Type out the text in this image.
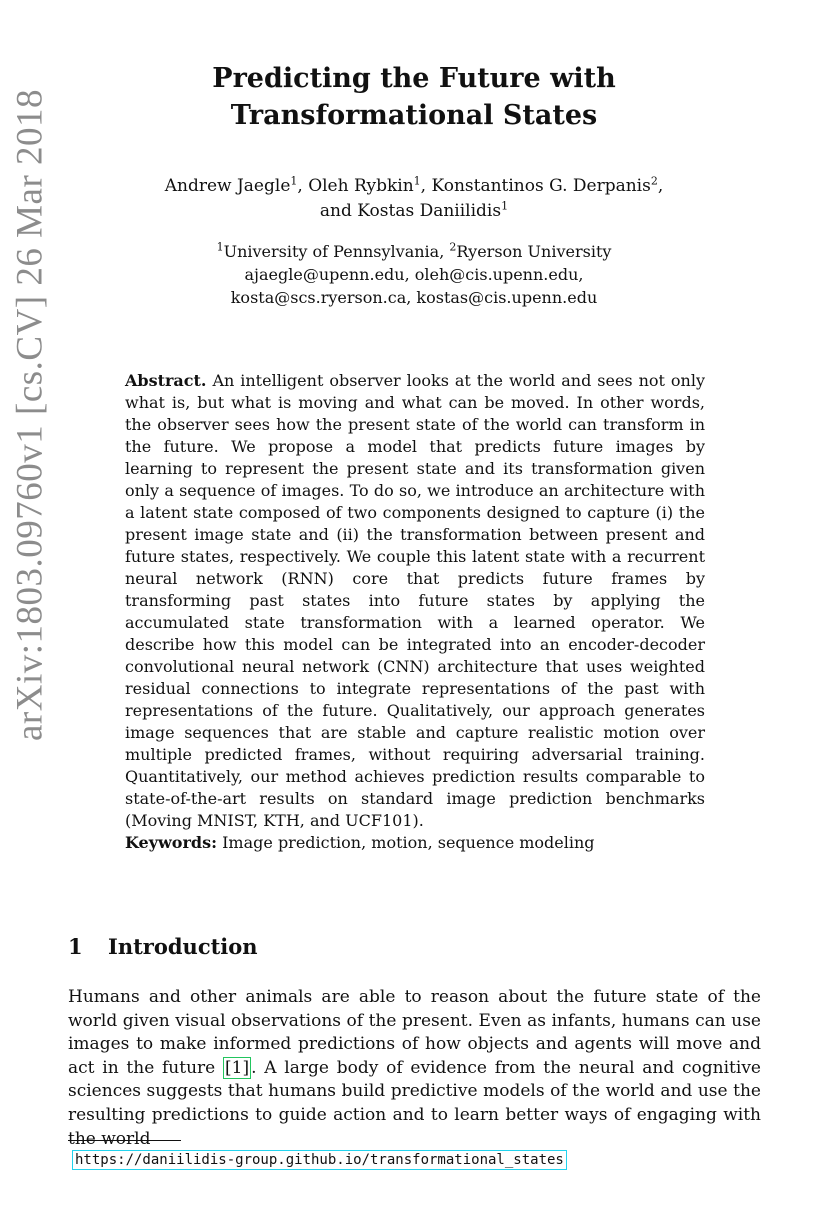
arXiv:1803.09760v1 [cs.CV] 26 Mar 2018
Predicting the Future with Transformational States
Andrew Jaegle$^1$, Oleh Rybkin$^1$, Konstantinos G. Derpanis$^2$,
and Kostas Daniilidis$^1$
$^1$University of Pennsylvania, $^2$Ryerson University
ajaegle@upenn.edu, oleh@cis.upenn.edu,
kosta@scs.ryerson.ca, kostas@cis.upenn.edu
Abstract. An intelligent observer looks at the world and sees not only what is, but what is moving and what can be moved. In other words, the observer sees how the present state of the world can transform in the future. We propose a model that predicts future images by learning to represent the present state and its transformation given only a sequence of images. To do so, we introduce an architecture with a latent state composed of two components designed to capture (i) the present image state and (ii) the transformation between present and future states, respectively. We couple this latent state with a recurrent neural network (RNN) core that predicts future frames by transforming past states into future states by applying the accumulated state transformation with a learned operator. We describe how this model can be integrated into an encoder-decoder convolutional neural network (CNN) architecture that uses weighted residual connections to integrate representations of the past with representations of the future. Qualitatively, our approach generates image sequences that are stable and capture realistic motion over multiple predicted frames, without requiring adversarial training. Quantitatively, our method achieves prediction results comparable to state-of-the-art results on standard image prediction benchmarks (Moving MNIST, KTH, and UCF101).
Keywords: Image prediction, motion, sequence modeling
1 Introduction
Humans and other animals are able to reason about the future state of the world given visual observations of the present. Even as infants, humans can use images to make informed predictions of how objects and agents will move and act in the future [1] . A large body of evidence from the neural and cognitive sciences suggests that humans build predictive models of the world and use the resulting predictions to guide action and to learn better ways of engaging with the world
https://daniilidis-group.github.io/transformational_states
